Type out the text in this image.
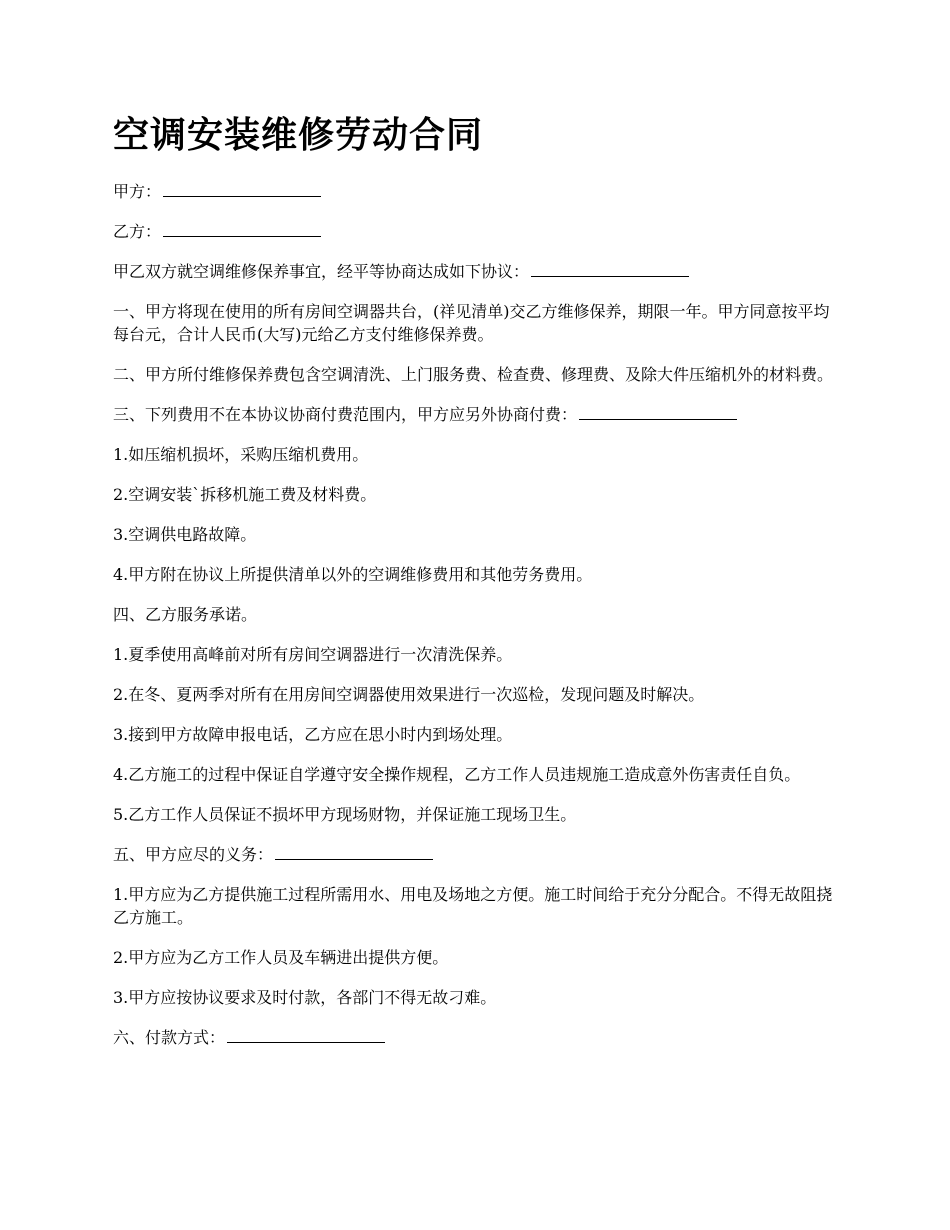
空调安装维修劳动合同

甲方：

乙方：

甲乙双方就空调维修保养事宜，经平等协商达成如下协议：

一、甲方将现在使用的所有房间空调器共台，(祥见清单)交乙方维修保养，期限一年。甲方同意按平均每台元，合计人民币(大写)元给乙方支付维修保养费。

二、甲方所付维修保养费包含空调清洗、上门服务费、检查费、修理费、及除大件压缩机外的材料费。

三、下列费用不在本协议协商付费范围内，甲方应另外协商付费：

1.如压缩机损坏，采购压缩机费用。

2.空调安装`拆移机施工费及材料费。

3.空调供电路故障。

4.甲方附在协议上所提供清单以外的空调维修费用和其他劳务费用。

四、乙方服务承诺。

1.夏季使用高峰前对所有房间空调器进行一次清洗保养。

2.在冬、夏两季对所有在用房间空调器使用效果进行一次巡检，发现问题及时解决。

3.接到甲方故障申报电话，乙方应在思小时内到场处理。

4.乙方施工的过程中保证自学遵守安全操作规程，乙方工作人员违规施工造成意外伤害责任自负。

5.乙方工作人员保证不损坏甲方现场财物，并保证施工现场卫生。

五、甲方应尽的义务：

1.甲方应为乙方提供施工过程所需用水、用电及场地之方便。施工时间给于充分分配合。不得无故阻挠乙方施工。

2.甲方应为乙方工作人员及车辆进出提供方便。

3.甲方应按协议要求及时付款，各部门不得无故刁难。

六、付款方式：
